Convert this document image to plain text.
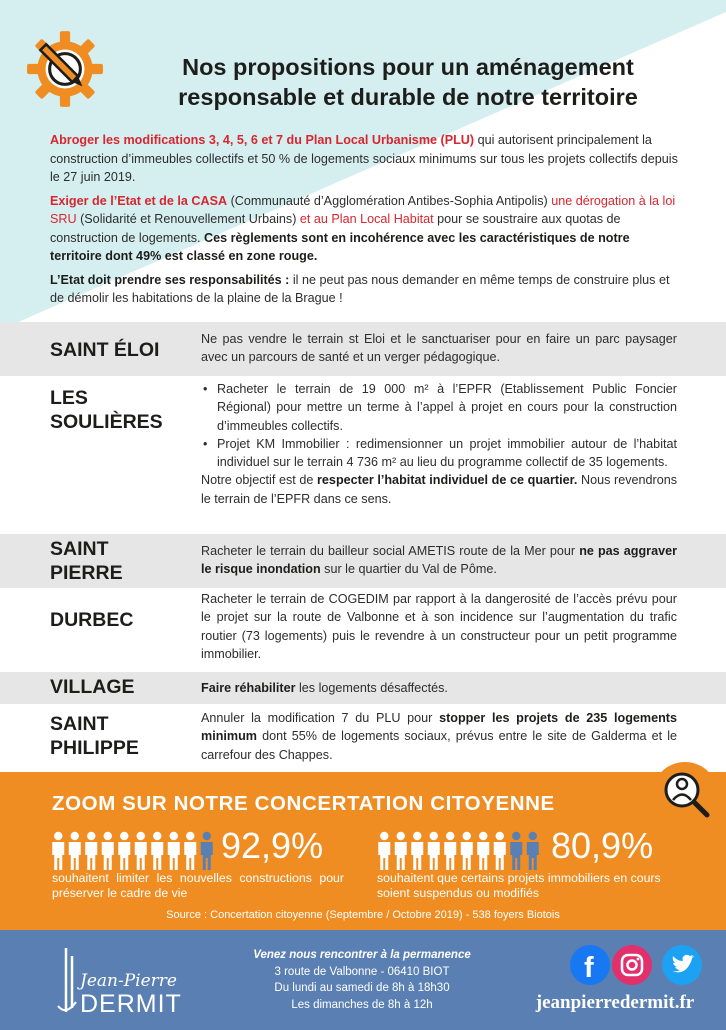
Nos propositions pour un aménagement
responsable et durable de notre territoire

Abroger les modifications 3, 4, 5, 6 et 7 du Plan Local Urbanisme (PLU) qui autorisent principalement la construction d’immeubles collectifs et 50 % de logements sociaux minimums sur tous les projets collectifs depuis le 27 juin 2019.

Exiger de l’Etat et de la CASA (Communauté d’Agglomération Antibes-Sophia Antipolis) une dérogation à la loi SRU (Solidarité et Renouvellement Urbains) et au Plan Local Habitat pour se soustraire aux quotas de construction de logements. Ces règlements sont en incohérence avec les caractéristiques de notre territoire dont 49% est classé en zone rouge.

L’Etat doit prendre ses responsabilités : il ne peut pas nous demander en même temps de construire plus et de démolir les habitations de la plaine de la Brague !

SAINT ÉLOI	Ne pas vendre le terrain st Eloi et le sanctuariser pour en faire un parc paysager avec un parcours de santé et un verger pédagogique.
LES
SOULIÈRES
• Racheter le terrain de 19 000 m² à l’EPFR (Etablissement Public Foncier Régional) pour mettre un terme à l’appel à projet en cours pour la construction d’immeubles collectifs.
• Projet KM Immobilier : redimensionner un projet immobilier autour de l’habitat individuel sur le terrain 4 736 m² au lieu du programme collectif de 35 logements.
Notre objectif est de respecter l’habitat individuel de ce quartier. Nous revendrons le terrain de l’EPFR dans ce sens.
SAINT
PIERRE
Racheter le terrain du bailleur social AMETIS route de la Mer pour ne pas aggraver le risque inondation sur le quartier du Val de Pôme.
DURBEC
Racheter le terrain de COGEDIM par rapport à la dangerosité de l’accès prévu pour le projet sur la route de Valbonne et à son incidence sur l’augmentation du trafic routier (73 logements) puis le revendre à un constructeur pour un petit programme immobilier.
VILLAGE	Faire réhabiliter les logements désaffectés.
SAINT
PHILIPPE
Annuler la modification 7 du PLU pour stopper les projets de 235 logements minimum dont 55% de logements sociaux, prévus entre le site de Galderma et le carrefour des Chappes.
ZOOM SUR NOTRE CONCERTATION CITOYENNE
92,9%
souhaitent limiter les nouvelles constructions pour préserver le cadre de vie
80,9%
souhaitent que certains projets immobiliers en cours soient suspendus ou modifiés
Source : Concertation citoyenne (Septembre / Octobre 2019) - 538 foyers Biotois
Jean-Pierre
DERMIT
Venez nous rencontrer à la permanence
3 route de Valbonne - 06410 BIOT
Du lundi au samedi de 8h à 18h30
Les dimanches de 8h à 12h
f
jeanpierredermit.fr
